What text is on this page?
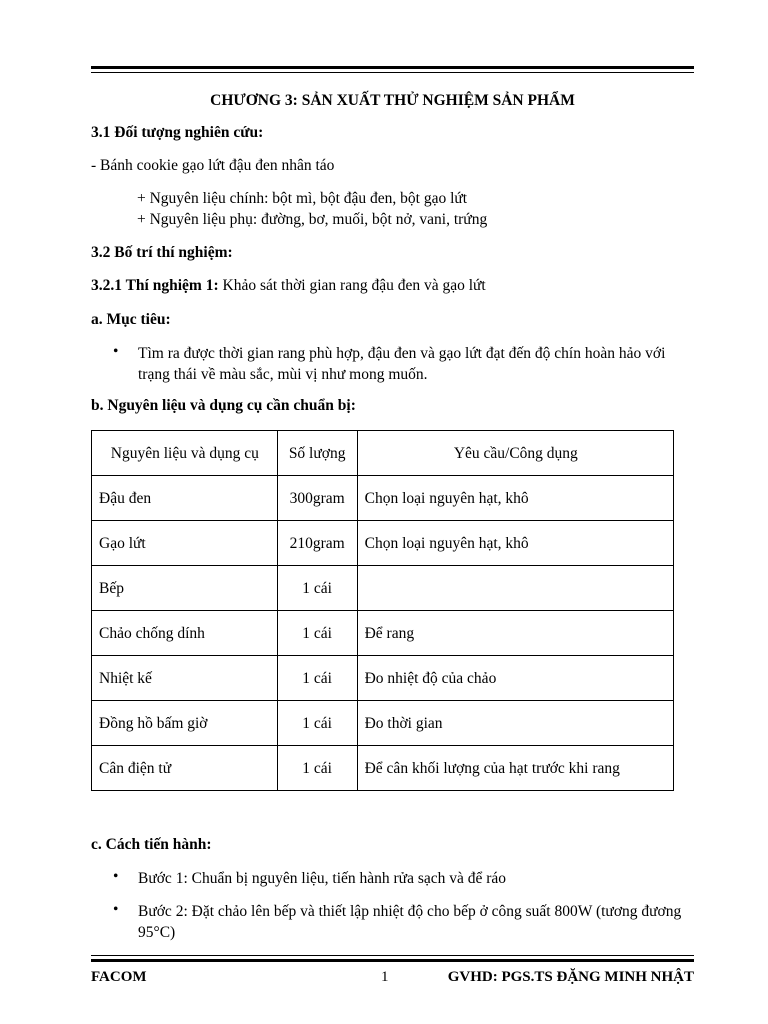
CHƯƠNG 3: SẢN XUẤT THỬ NGHIỆM SẢN PHẨM
3.1 Đối tượng nghiên cứu:
- Bánh cookie gạo lứt đậu đen nhân táo
+ Nguyên liệu chính: bột mì, bột đậu đen, bột gạo lứt
+ Nguyên liệu phụ: đường, bơ, muối, bột nở, vani, trứng
3.2 Bố trí thí nghiệm:
3.2.1 Thí nghiệm 1: Khảo sát thời gian rang đậu đen và gạo lứt
a. Mục tiêu:
• Tìm ra được thời gian rang phù hợp, đậu đen và gạo lứt đạt đến độ chín hoàn hảo với trạng thái về màu sắc, mùi vị như mong muốn.
b. Nguyên liệu và dụng cụ cần chuẩn bị:
Nguyên liệu và dụng cụ	Số lượng	Yêu cầu/Công dụng
Đậu đen	300gram	Chọn loại nguyên hạt, khô
Gạo lứt	210gram	Chọn loại nguyên hạt, khô
Bếp	1 cái	
Chảo chống dính	1 cái	Để rang
Nhiệt kế	1 cái	Đo nhiệt độ của chảo
Đồng hồ bấm giờ	1 cái	Đo thời gian
Cân điện tử	1 cái	Để cân khối lượng của hạt trước khi rang
c. Cách tiến hành:
• Bước 1: Chuẩn bị nguyên liệu, tiến hành rửa sạch và để ráo
• Bước 2: Đặt chảo lên bếp và thiết lập nhiệt độ cho bếp ở công suất 800W (tương đương 95°C)
FACOM	1	GVHD: PGS.TS ĐẶNG MINH NHẬT
